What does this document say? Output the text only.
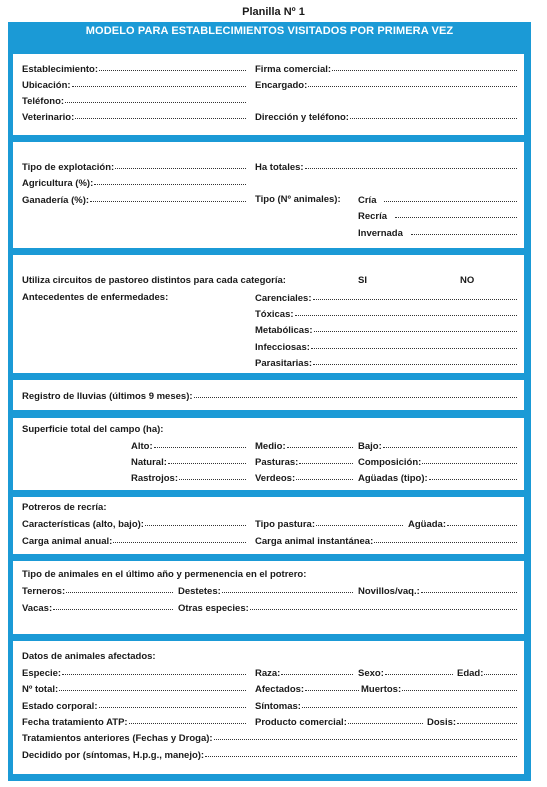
Planilla Nº 1
MODELO PARA ESTABLECIMIENTOS VISITADOS POR PRIMERA VEZ
Establecimiento:	Firma comercial:
Ubicación:	Encargado:
Teléfono:
Veterinario:	Dirección y teléfono:
Tipo de explotación:	Ha totales:
Agricultura (%):
Ganadería (%):	Tipo (Nº animales): Cría
Recría
Invernada
Utiliza circuitos de pastoreo distintos para cada categoría:	SI	NO
Antecedentes de enfermedades:	Carenciales:
Tóxicas:
Metabólicas:
Infecciosas:
Parasitarias:
Registro de lluvias (últimos 9 meses):
Superficie total del campo (ha):
Alto:	Medio:	Bajo:
Natural:	Pasturas:	Composición:
Rastrojos:	Verdeos:	Agüadas (tipo):
Potreros de recría:
Características (alto, bajo):	Tipo pastura:	Agüada:
Carga animal anual:	Carga animal instantánea:
Tipo de animales en el último año y permenencia en el potrero:
Terneros:	Destetes:	Novillos/vaq.:
Vacas:	Otras especies:
Datos de animales afectados:
Especie:	Raza:	Sexo:	Edad:
Nº total:	Afectados:	Muertos:
Estado corporal:	Síntomas:
Fecha tratamiento ATP:	Producto comercial:	Dosis:
Tratamientos anteriores (Fechas y Droga):
Decidido por (síntomas, H.p.g., manejo):
